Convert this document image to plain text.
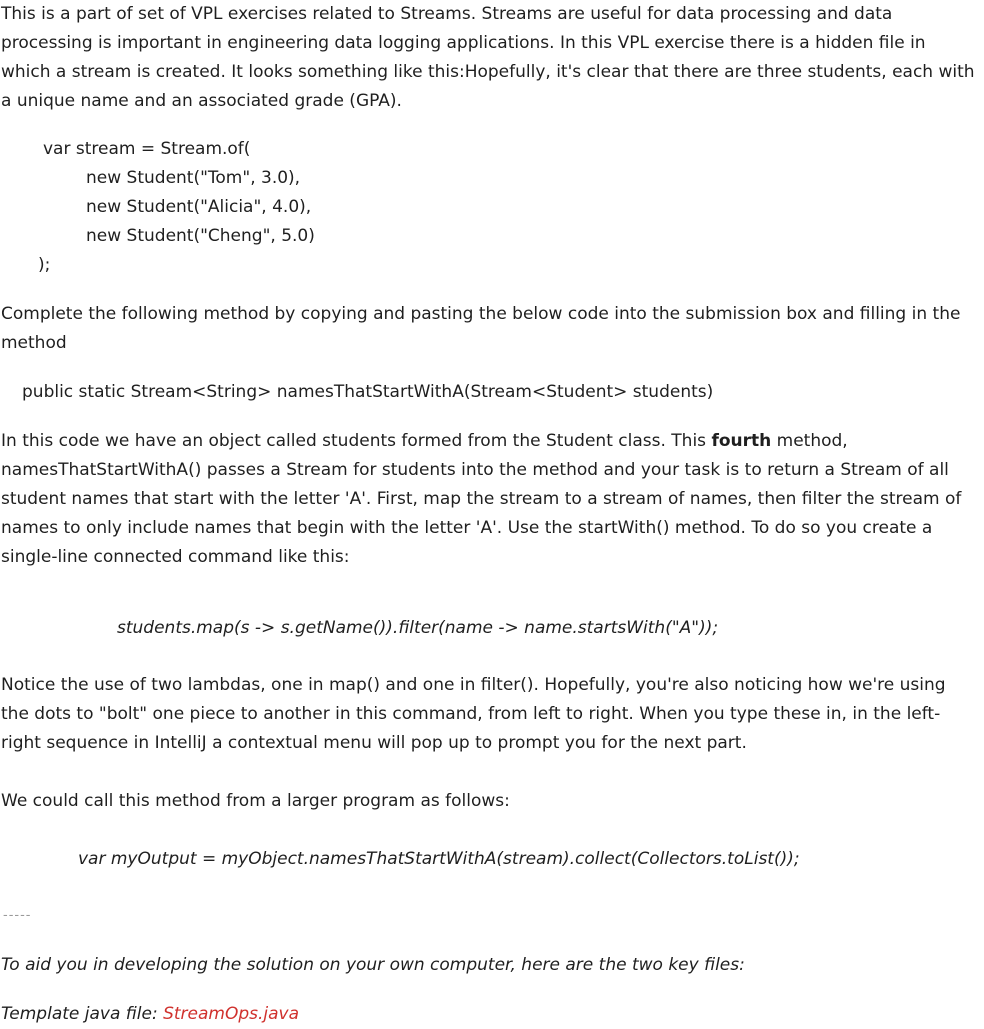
This is a part of set of VPL exercises related to Streams. Streams are useful for data processing and data

processing is important in engineering data logging applications. In this VPL exercise there is a hidden file in

which a stream is created. It looks something like this:Hopefully, it's clear that there are three students, each with

a unique name and an associated grade (GPA).

var stream = Stream.of(
new Student("Tom", 3.0),
new Student("Alicia", 4.0),
new Student("Cheng", 5.0)
);

Complete the following method by copying and pasting the below code into the submission box and filling in the

method

public static Stream<String> namesThatStartWithA(Stream<Student> students)

In this code we have an object called students formed from the Student class. This fourth method,

namesThatStartWithA() passes a Stream for students into the method and your task is to return a Stream of all

student names that start with the letter 'A'. First, map the stream to a stream of names, then filter the stream of

names to only include names that begin with the letter 'A'. Use the startWith() method. To do so you create a

single-line connected command like this:

students.map(s -> s.getName()).filter(name -> name.startsWith("A"));

Notice the use of two lambdas, one in map() and one in filter(). Hopefully, you're also noticing how we're using

the dots to "bolt" one piece to another in this command, from left to right. When you type these in, in the left-

right sequence in IntelliJ a contextual menu will pop up to prompt you for the next part.

We could call this method from a larger program as follows:

var myOutput = myObject.namesThatStartWithA(stream).collect(Collectors.toList());
-----
To aid you in developing the solution on your own computer, here are the two key files:
Template java file: StreamOps.java
